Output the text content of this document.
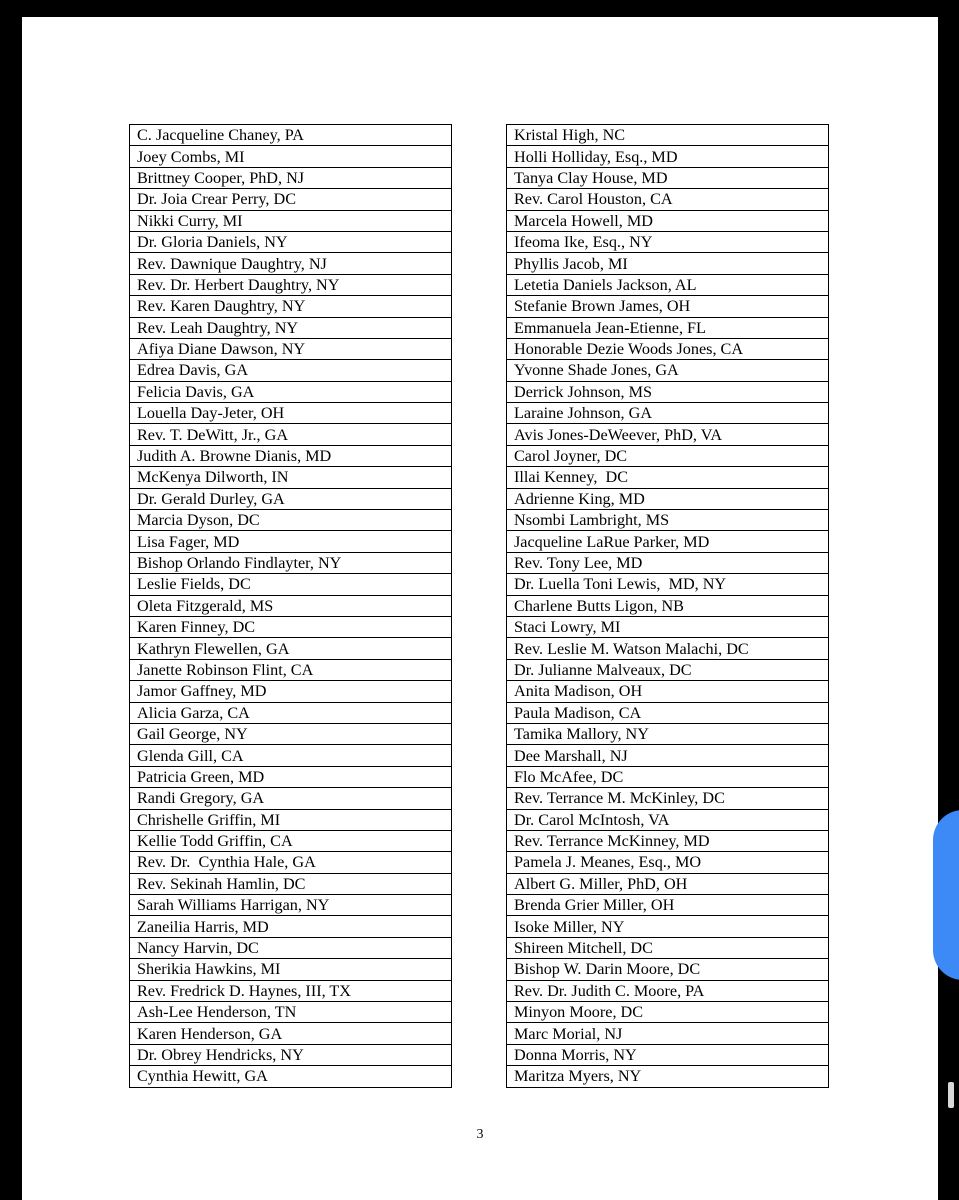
C. Jacqueline Chaney, PA
Joey Combs, MI
Brittney Cooper, PhD, NJ
Dr. Joia Crear Perry, DC
Nikki Curry, MI
Dr. Gloria Daniels, NY
Rev. Dawnique Daughtry, NJ
Rev. Dr. Herbert Daughtry, NY
Rev. Karen Daughtry, NY
Rev. Leah Daughtry, NY
Afiya Diane Dawson, NY
Edrea Davis, GA
Felicia Davis, GA
Louella Day-Jeter, OH
Rev. T. DeWitt, Jr., GA
Judith A. Browne Dianis, MD
McKenya Dilworth, IN
Dr. Gerald Durley, GA
Marcia Dyson, DC
Lisa Fager, MD
Bishop Orlando Findlayter, NY
Leslie Fields, DC
Oleta Fitzgerald, MS
Karen Finney, DC
Kathryn Flewellen, GA
Janette Robinson Flint, CA
Jamor Gaffney, MD
Alicia Garza, CA
Gail George, NY
Glenda Gill, CA
Patricia Green, MD
Randi Gregory, GA
Chrishelle Griffin, MI
Kellie Todd Griffin, CA
Rev. Dr.  Cynthia Hale, GA
Rev. Sekinah Hamlin, DC
Sarah Williams Harrigan, NY
Zaneilia Harris, MD
Nancy Harvin, DC
Sherikia Hawkins, MI
Rev. Fredrick D. Haynes, III, TX
Ash-Lee Henderson, TN
Karen Henderson, GA
Dr. Obrey Hendricks, NY
Cynthia Hewitt, GA
Kristal High, NC
Holli Holliday, Esq., MD
Tanya Clay House, MD
Rev. Carol Houston, CA
Marcela Howell, MD
Ifeoma Ike, Esq., NY
Phyllis Jacob, MI
Letetia Daniels Jackson, AL
Stefanie Brown James, OH
Emmanuela Jean-Etienne, FL
Honorable Dezie Woods Jones, CA
Yvonne Shade Jones, GA
Derrick Johnson, MS
Laraine Johnson, GA
Avis Jones-DeWeever, PhD, VA
Carol Joyner, DC
Illai Kenney,  DC
Adrienne King, MD
Nsombi Lambright, MS
Jacqueline LaRue Parker, MD
Rev. Tony Lee, MD
Dr. Luella Toni Lewis,  MD, NY
Charlene Butts Ligon, NB
Staci Lowry, MI
Rev. Leslie M. Watson Malachi, DC
Dr. Julianne Malveaux, DC
Anita Madison, OH
Paula Madison, CA
Tamika Mallory, NY
Dee Marshall, NJ
Flo McAfee, DC
Rev. Terrance M. McKinley, DC
Dr. Carol McIntosh, VA
Rev. Terrance McKinney, MD
Pamela J. Meanes, Esq., MO
Albert G. Miller, PhD, OH
Brenda Grier Miller, OH
Isoke Miller, NY
Shireen Mitchell, DC
Bishop W. Darin Moore, DC
Rev. Dr. Judith C. Moore, PA
Minyon Moore, DC
Marc Morial, NJ
Donna Morris, NY
Maritza Myers, NY
3
